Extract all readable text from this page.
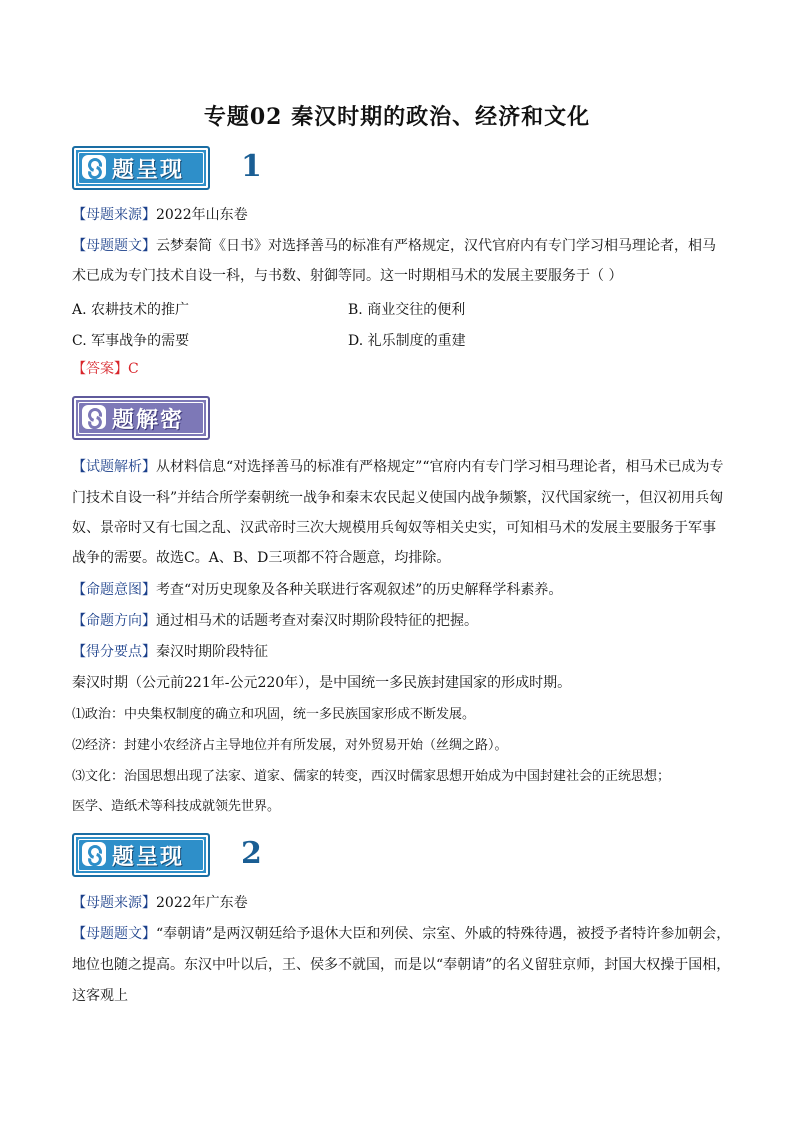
专题02 秦汉时期的政治、经济和文化
题呈现 1
【母题来源】2022年山东卷
【母题题文】云梦秦简《日书》对选择善马的标准有严格规定，汉代官府内有专门学习相马理论者，相马
术已成为专门技术自设一科，与书数、射御等同。这一时期相马术的发展主要服务于（ ）
A. 农耕技术的推广	B. 商业交往的便利
C. 军事战争的需要	D. 礼乐制度的重建
【答案】C
题解密
【试题解析】从材料信息“对选择善马的标准有严格规定”“官府内有专门学习相马理论者，相马术已成为专
门技术自设一科”并结合所学秦朝统一战争和秦末农民起义使国内战争频繁，汉代国家统一，但汉初用兵匈
奴、景帝时又有七国之乱、汉武帝时三次大规模用兵匈奴等相关史实，可知相马术的发展主要服务于军事
战争的需要。故选C。A、B、D三项都不符合题意，均排除。
【命题意图】考查“对历史现象及各种关联进行客观叙述”的历史解释学科素养。
【命题方向】通过相马术的话题考查对秦汉时期阶段特征的把握。
【得分要点】秦汉时期阶段特征
秦汉时期（公元前221年-公元220年），是中国统一多民族封建国家的形成时期。
⑴政治：中央集权制度的确立和巩固，统一多民族国家形成不断发展。
⑵经济：封建小农经济占主导地位并有所发展，对外贸易开始（丝绸之路）。
⑶文化：治国思想出现了法家、道家、儒家的转变，西汉时儒家思想开始成为中国封建社会的正统思想；
医学、造纸术等科技成就领先世界。
题呈现 2
【母题来源】2022年广东卷
【母题题文】“奉朝请”是两汉朝廷给予退休大臣和列侯、宗室、外戚的特殊待遇，被授予者特许参加朝会，
地位也随之提高。东汉中叶以后，王、侯多不就国，而是以“奉朝请”的名义留驻京师，封国大权操于国相，
这客观上
